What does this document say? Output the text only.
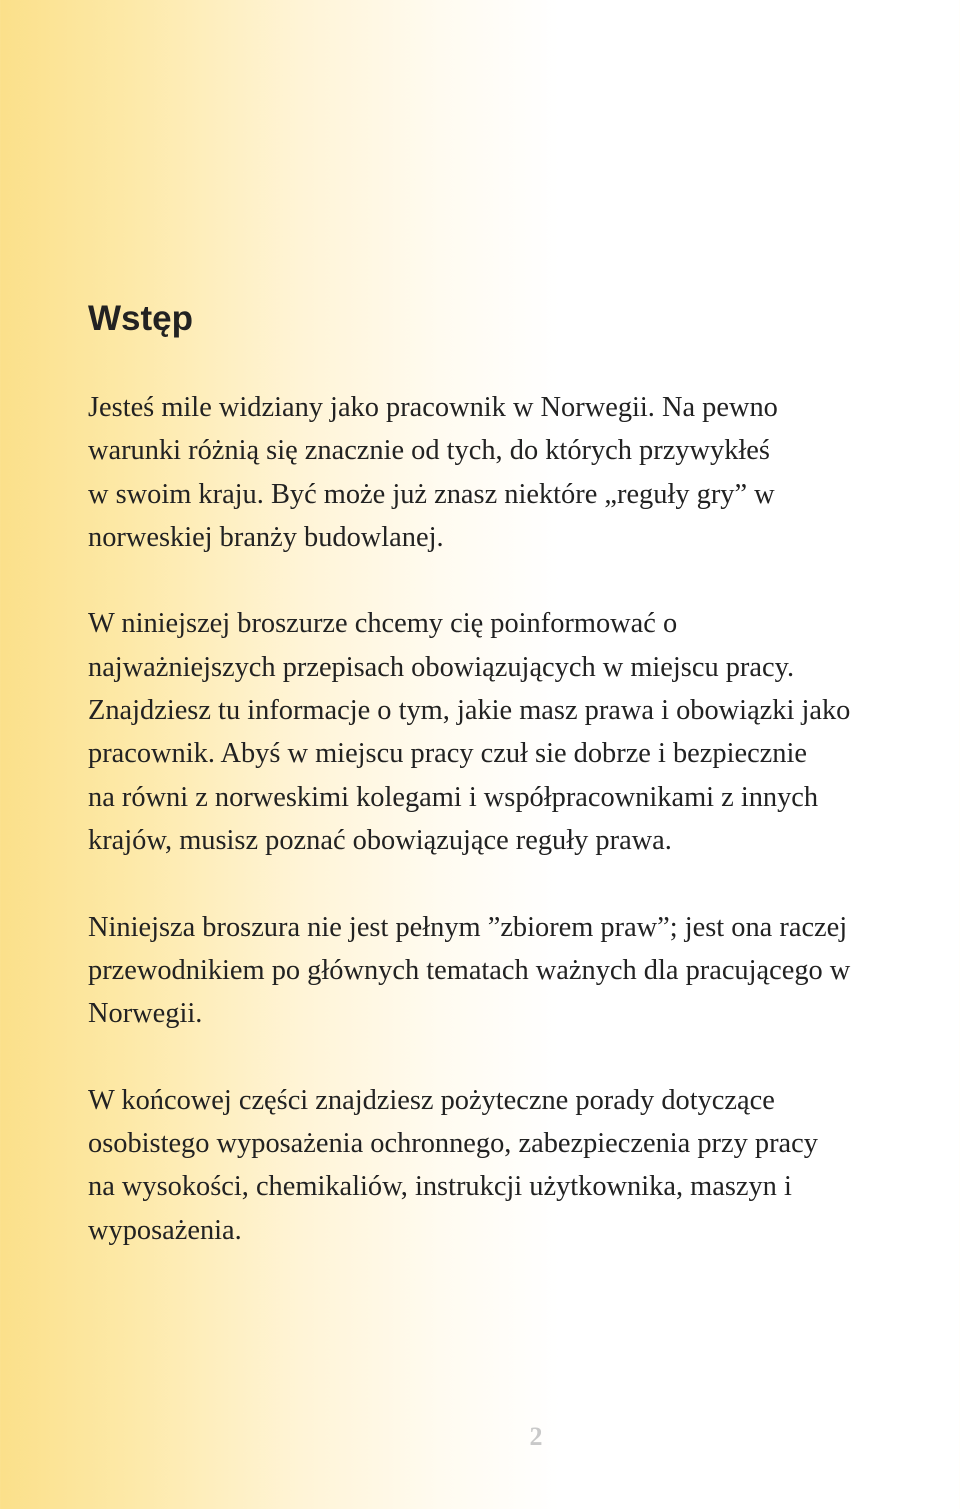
Wstęp

Jesteś mile widziany jako pracownik w Norwegii. Na pewno
warunki różnią się znacznie od tych, do których przywykłeś
w swoim kraju. Być może już znasz niektóre „reguły gry” w
norweskiej branży budowlanej.

W niniejszej broszurze chcemy cię poinformować o
najważniejszych przepisach obowiązujących w miejscu pracy.
Znajdziesz tu informacje o tym, jakie masz prawa i obowiązki jako
pracownik. Abyś w miejscu pracy czuł sie dobrze i bezpiecznie
na równi z norweskimi kolegami i współpracownikami z innych
krajów, musisz poznać obowiązujące reguły prawa.

Niniejsza broszura nie jest pełnym ”zbiorem praw”; jest ona raczej
przewodnikiem po głównych tematach ważnych dla pracującego w
Norwegii.

W końcowej części znajdziesz pożyteczne porady dotyczące
osobistego wyposażenia ochronnego, zabezpieczenia przy pracy
na wysokości, chemikaliów, instrukcji użytkownika, maszyn i
wyposażenia.

2
